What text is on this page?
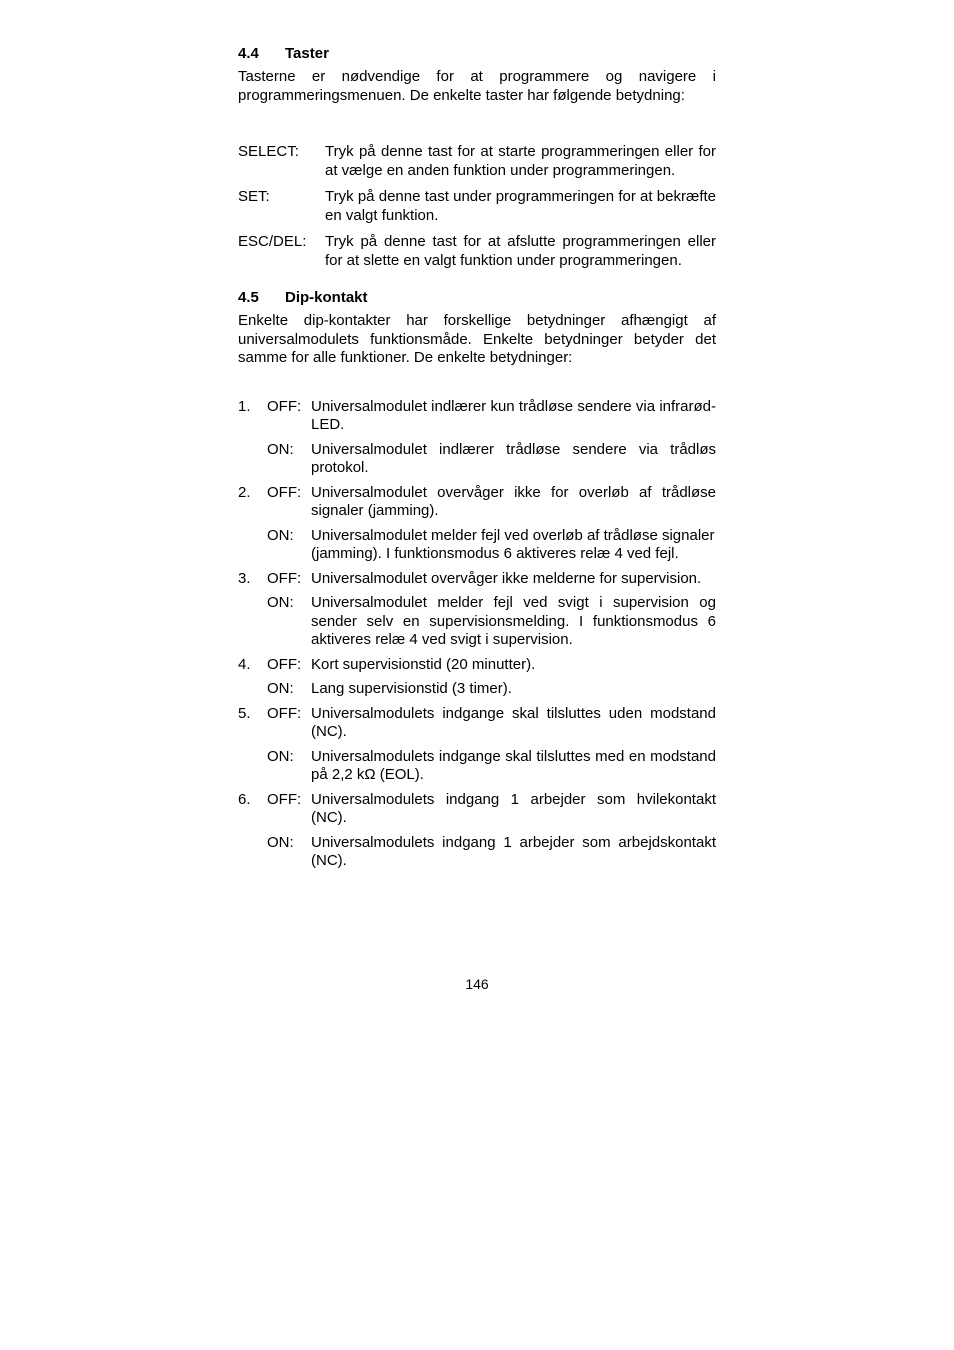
4.4	Taster
Tasterne er nødvendige for at programmere og navigere i programmeringsmenuen. De enkelte taster har følgende betydning:
SELECT:	Tryk på denne tast for at starte programmeringen eller for at vælge en anden funktion under programmeringen.
SET:	Tryk på denne tast under programmeringen for at bekræfte en valgt funktion.
ESC/DEL:	Tryk på denne tast for at afslutte programmeringen eller for at slette en valgt funktion under programmeringen.
4.5	Dip-kontakt
Enkelte dip-kontakter har forskellige betydninger afhængigt af universalmodulets funktionsmåde. Enkelte betydninger betyder det samme for alle funktioner. De enkelte betydninger:
1.	OFF: Universalmodulet indlærer kun trådløse sendere via infrarød-LED.
ON:	Universalmodulet indlærer trådløse sendere via trådløs protokol.
2.	OFF: Universalmodulet overvåger ikke for overløb af trådløse signaler (jamming).
ON:	Universalmodulet melder fejl ved overløb af trådløse signaler (jamming). I funktionsmodus 6 aktiveres relæ 4 ved fejl.
3.	OFF: Universalmodulet overvåger ikke melderne for supervision.
ON:	Universalmodulet melder fejl ved svigt i supervision og sender selv en supervisionsmelding. I funktionsmodus 6 aktiveres relæ 4 ved svigt i supervision.
4.	OFF: Kort supervisionstid (20 minutter).
ON:	Lang supervisionstid (3 timer).
5.	OFF: Universalmodulets indgange skal tilsluttes uden modstand (NC).
ON:	Universalmodulets indgange skal tilsluttes med en modstand på 2,2 kΩ (EOL).
6.	OFF: Universalmodulets indgang 1 arbejder som hvilekontakt (NC).
ON:	Universalmodulets indgang 1 arbejder som arbejdskontakt (NC).
146
